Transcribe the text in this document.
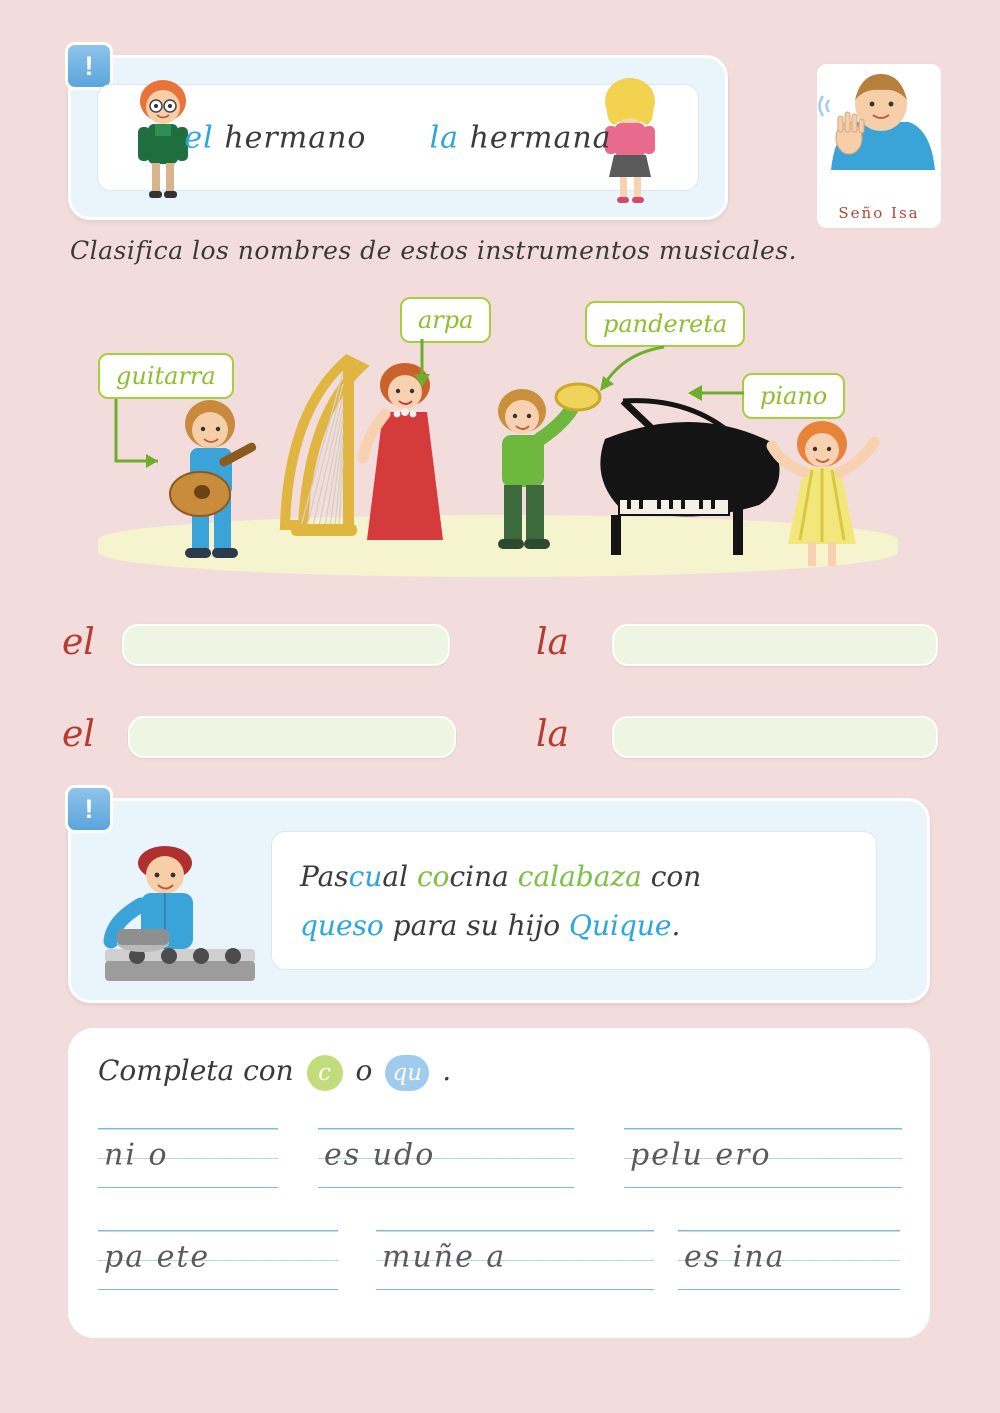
!
el hermano la hermana
Seño Isa
Clasifica los nombres de estos instrumentos musicales.
guitarra
arpa	pandereta
piano
el	la
el	la
!
Pascual cocina calabaza con
queso para su hijo Quique.
Completa con c o qu .
ni o	es udo	pelu ero
pa ete	muñe a	es ina
